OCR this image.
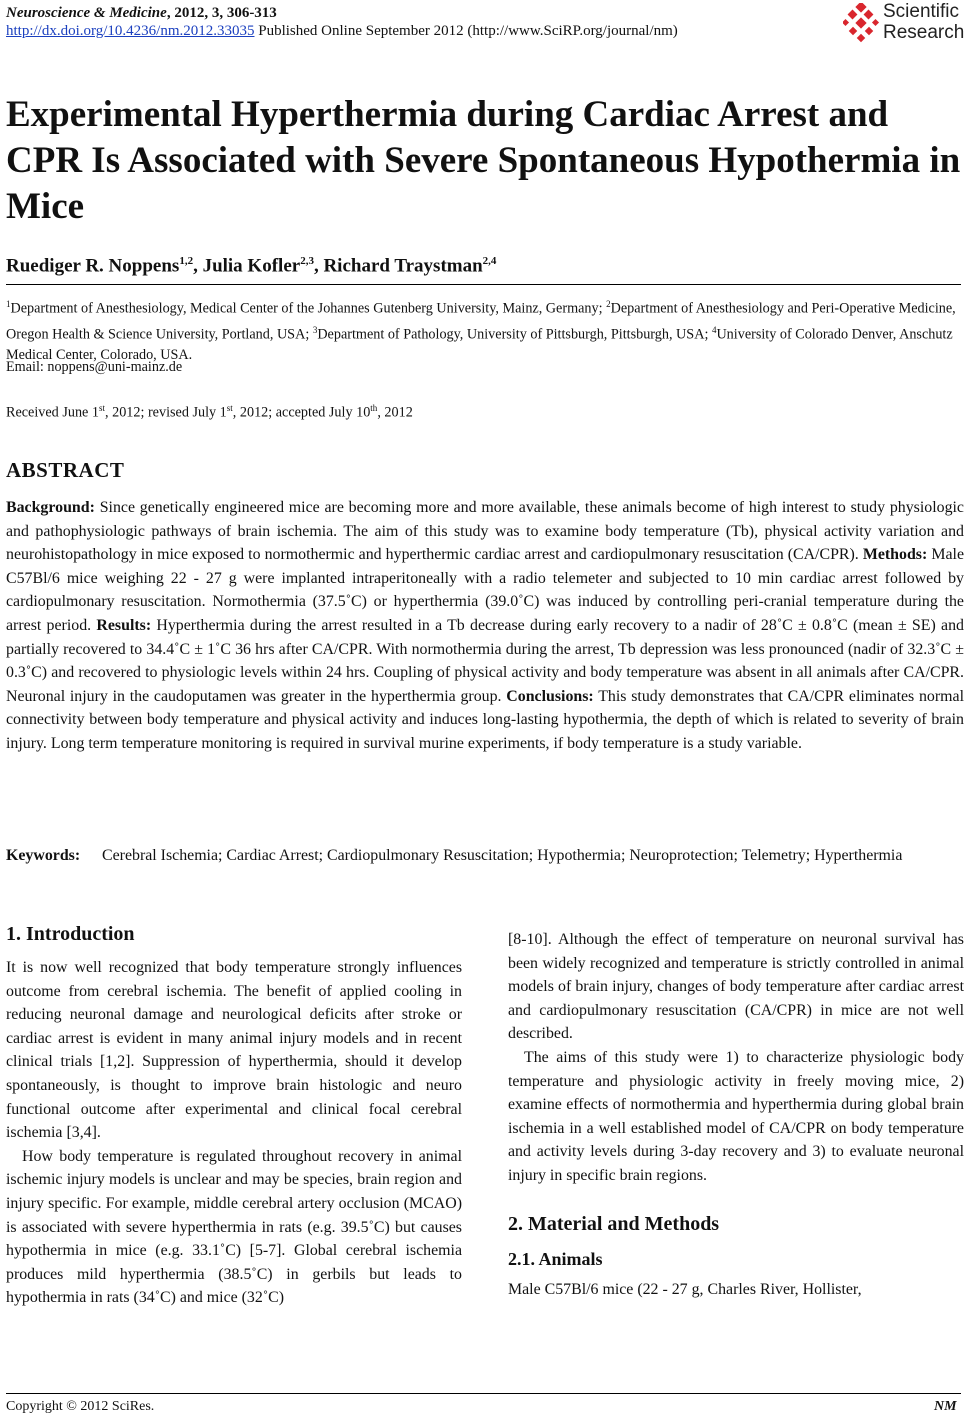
Neuroscience & Medicine, 2012, 3, 306-313
http://dx.doi.org/10.4236/nm.2012.33035 Published Online September 2012 (http://www.SciRP.org/journal/nm)
Scientific
Research
Experimental Hyperthermia during Cardiac Arrest and CPR Is Associated with Severe Spontaneous Hypothermia in Mice
Ruediger R. Noppens$^{1,2}$, Julia Kofler$^{2,3}$, Richard Traystman$^{2,4}$
$^1$Department of Anesthesiology, Medical Center of the Johannes Gutenberg University, Mainz, Germany; $^2$Department of Anesthesiology and Peri-Operative Medicine, Oregon Health & Science University, Portland, USA; $^3$Department of Pathology, University of Pittsburgh, Pittsburgh, USA; $^4$University of Colorado Denver, Anschutz Medical Center, Colorado, USA.
Email: noppens@uni-mainz.de
Received June 1st, 2012; revised July 1st, 2012; accepted July 10th, 2012
ABSTRACT

Background: Since genetically engineered mice are becoming more and more available, these animals become of high interest to study physiologic and pathophysiologic pathways of brain ischemia. The aim of this study was to examine body temperature (Tb), physical activity variation and neurohistopathology in mice exposed to normothermic and hyperthermic cardiac arrest and cardiopulmonary resuscitation (CA/CPR). Methods: Male C57Bl/6 mice weighing 22 - 27 g were implanted intraperitoneally with a radio telemeter and subjected to 10 min cardiac arrest followed by cardiopulmonary resuscitation. Normothermia (37.5˚C) or hyperthermia (39.0˚C) was induced by controlling peri-cranial temperature during the arrest period. Results: Hyperthermia during the arrest resulted in a Tb decrease during early recovery to a nadir of 28˚C ± 0.8˚C (mean ± SE) and partially recovered to 34.4˚C ± 1˚C 36 hrs after CA/CPR. With normothermia during the arrest, Tb depression was less pronounced (nadir of 32.3˚C ± 0.3˚C) and recovered to physiologic levels within 24 hrs. Coupling of physical activity and body temperature was absent in all animals after CA/CPR. Neuronal injury in the caudoputamen was greater in the hyperthermia group. Conclusions: This study demonstrates that CA/CPR eliminates normal connectivity between body temperature and physical activity and induces long-lasting hypothermia, the depth of which is related to severity of brain injury. Long term temperature monitoring is required in survival murine experiments, if body temperature is a study variable.

Keywords:	Cerebral Ischemia; Cardiac Arrest; Cardiopulmonary Resuscitation; Hypothermia; Neuroprotection; Telemetry; Hyperthermia
1. Introduction

It is now well recognized that body temperature strongly influences outcome from cerebral ischemia. The benefit of applied cooling in reducing neuronal damage and neurological deficits after stroke or cardiac arrest is evident in many animal injury models and in recent clinical trials [1,2]. Suppression of hyperthermia, should it develop spontaneously, is thought to improve brain histologic and neuro functional outcome after experimental and clinical focal cerebral ischemia [3,4].

How body temperature is regulated throughout recovery in animal ischemic injury models is unclear and may be species, brain region and injury specific. For example, middle cerebral artery occlusion (MCAO) is associated with severe hyperthermia in rats (e.g. 39.5˚C) but causes hypothermia in mice (e.g. 33.1˚C) [5-7]. Global cerebral ischemia produces mild hyperthermia (38.5˚C) in gerbils but leads to hypothermia in rats (34˚C) and mice (32˚C)

[8-10]. Although the effect of temperature on neuronal survival has been widely recognized and temperature is strictly controlled in animal models of brain injury, changes of body temperature after cardiac arrest and cardiopulmonary resuscitation (CA/CPR) in mice are not well described.

The aims of this study were 1) to characterize physiologic body temperature and physiologic activity in freely moving mice, 2) examine effects of normothermia and hyperthermia during global brain ischemia in a well established model of CA/CPR on body temperature and activity levels during 3-day recovery and 3) to evaluate neuronal injury in specific brain regions.

2. Material and Methods
2.1. Animals

Male C57Bl/6 mice (22 - 27 g, Charles River, Hollister,

Copyright © 2012 SciRes.	NM
